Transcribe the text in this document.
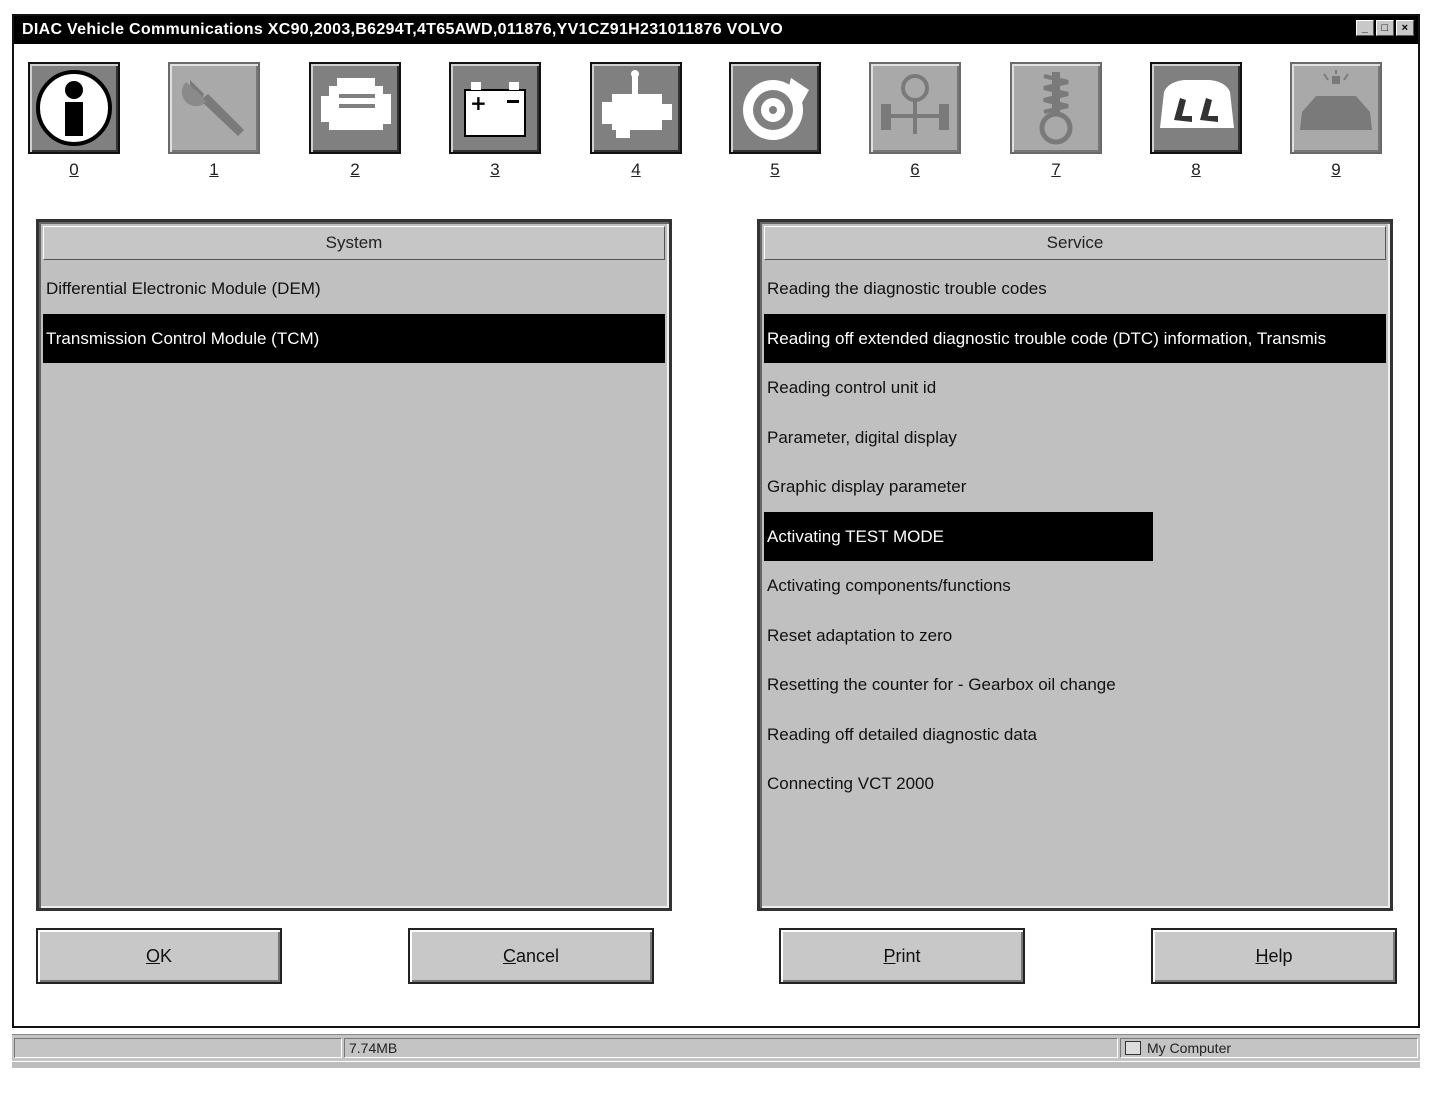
DIAC Vehicle Communications XC90,2003,B6294T,4T65AWD,011876,YV1CZ91H231011876 VOLVO	_	□	×
0	1	2
+
3	4	5	6	7	8	9
System
Differential Electronic Module (DEM)
Transmission Control Module (TCM)
Service
Reading the diagnostic trouble codes
Reading off extended diagnostic trouble code (DTC) information, Transmis
Reading control unit id
Parameter, digital display
Graphic display parameter
Activating TEST MODE
Activating components/functions
Reset adaptation to zero
Resetting the counter for - Gearbox oil change
Reading off detailed diagnostic data
Connecting VCT 2000
OK	Cancel	Print	Help
7.74MB	My Computer
